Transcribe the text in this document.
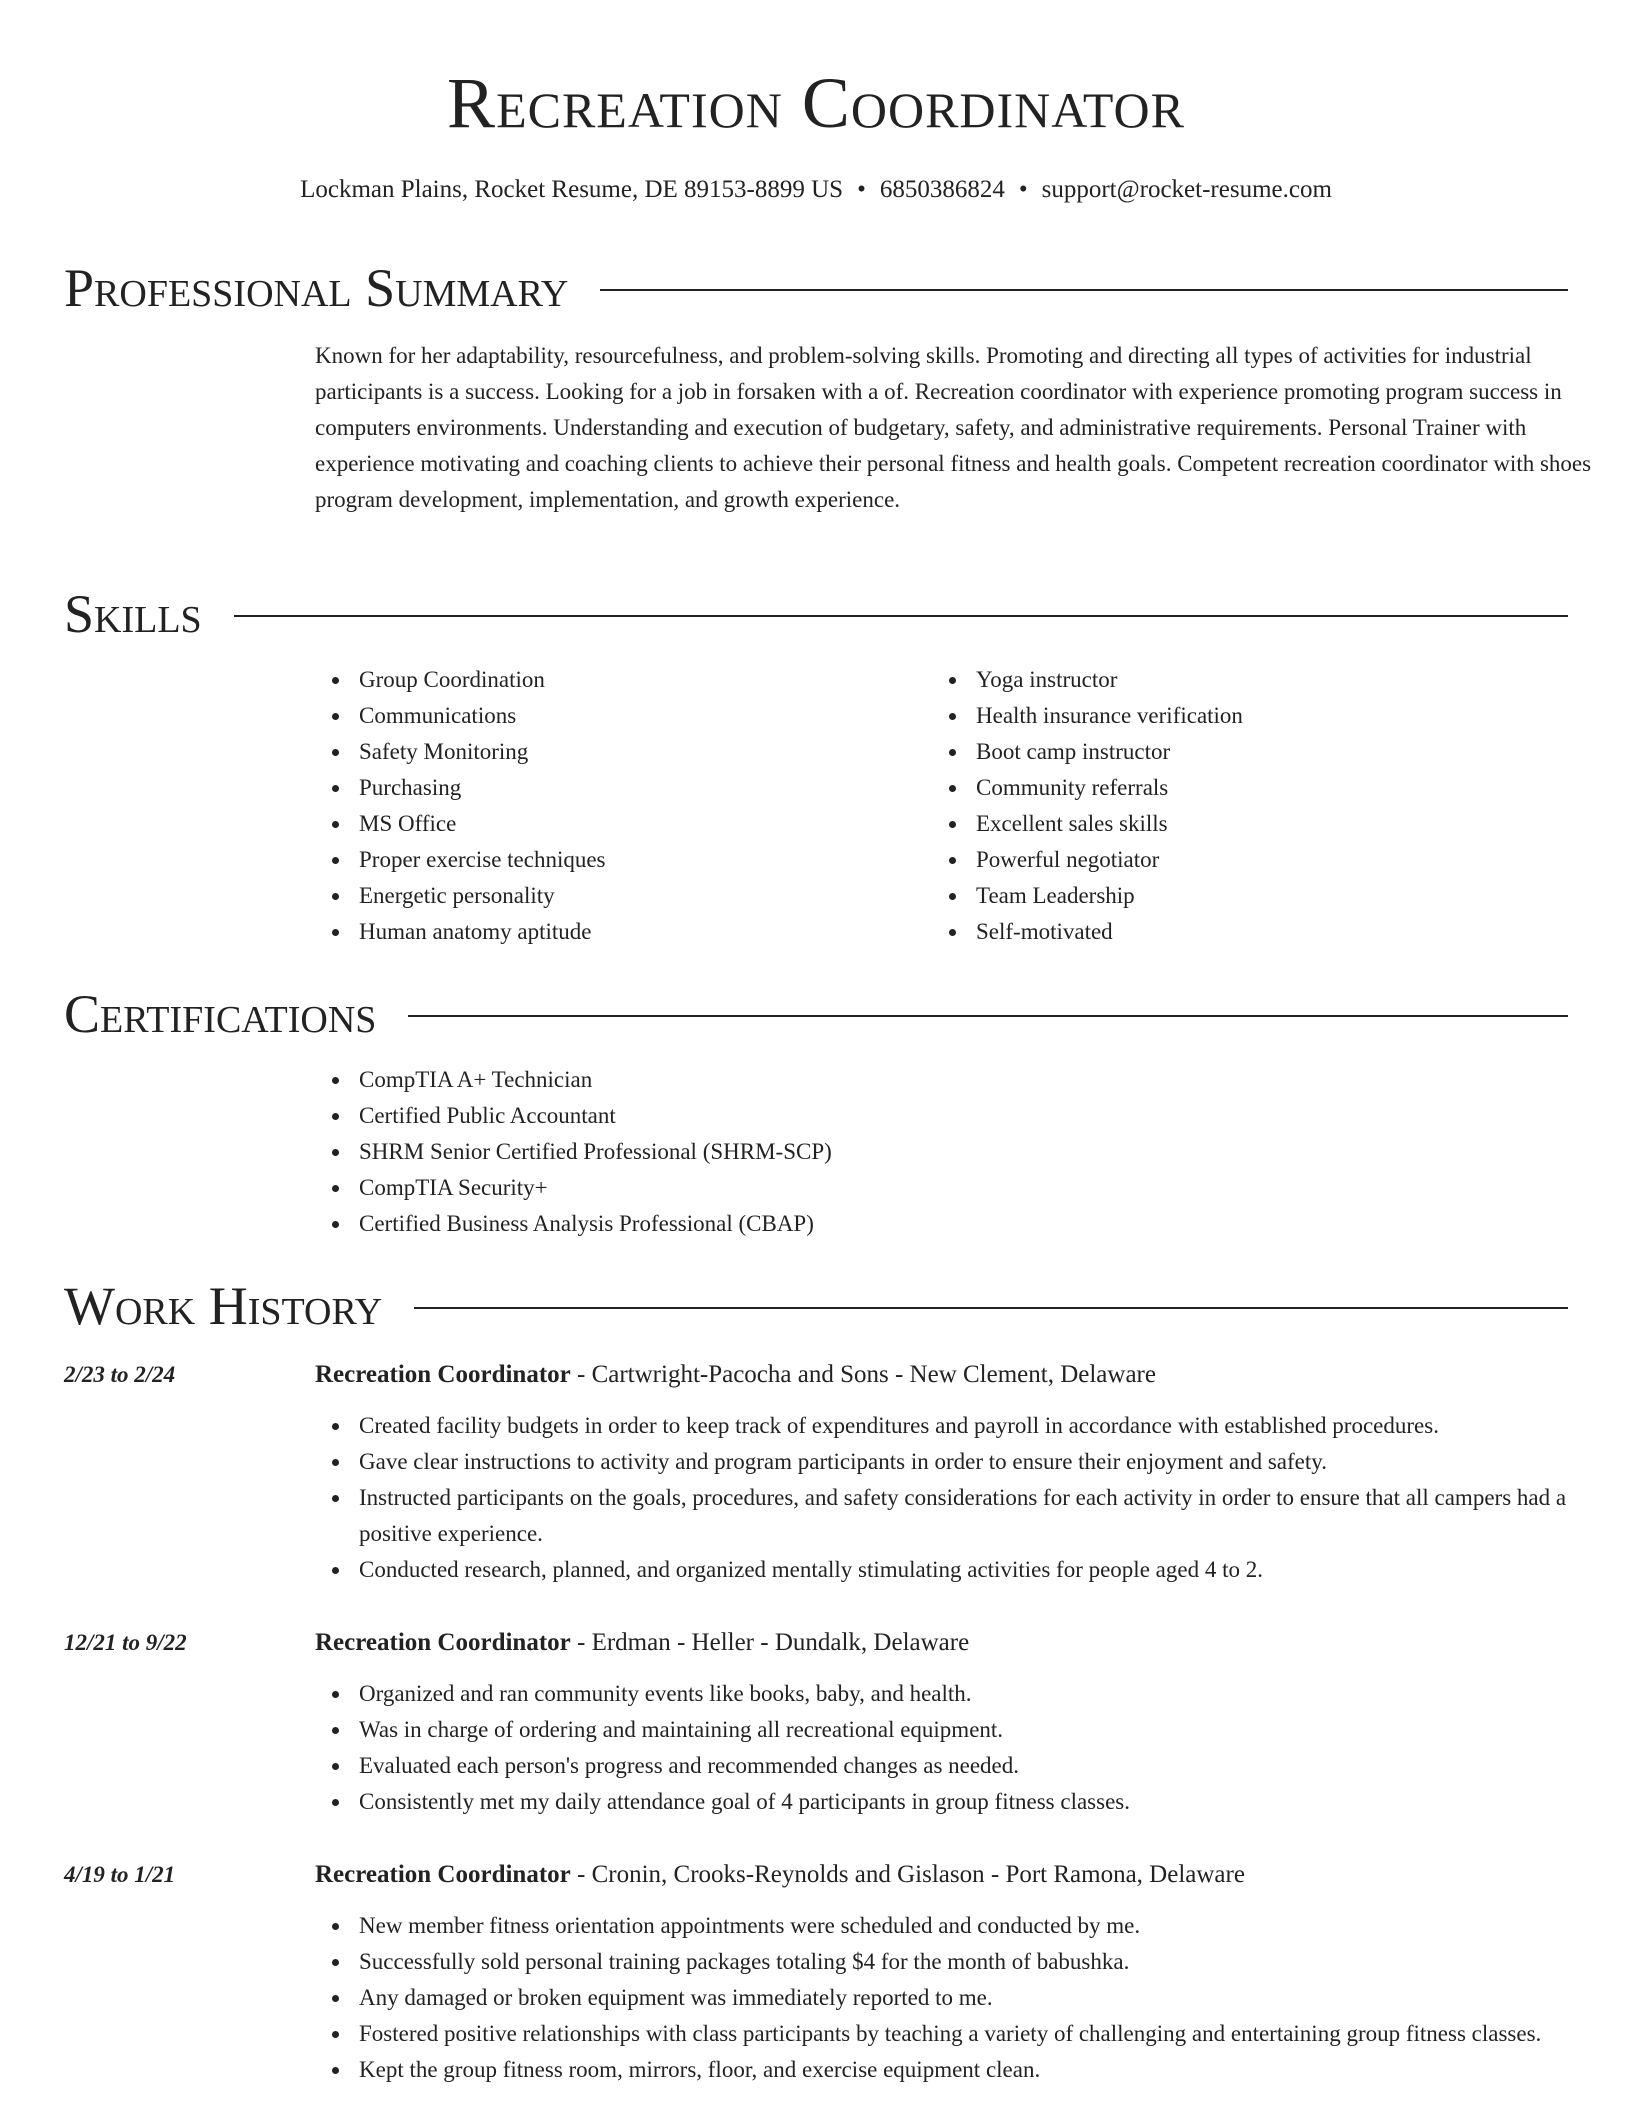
Recreation Coordinator
Lockman Plains, Rocket Resume, DE 89153-8899 US • 6850386824 • support@rocket-resume.com
Professional Summary

Known for her adaptability, resourcefulness, and problem-solving skills. Promoting and directing all types of activities for industrial participants is a success. Looking for a job in forsaken with a of. Recreation coordinator with experience promoting program success in computers environments. Understanding and execution of budgetary, safety, and administrative requirements. Personal Trainer with experience motivating and coaching clients to achieve their personal fitness and health goals. Competent recreation coordinator with shoes program development, implementation, and growth experience.

Skills
Group Coordination
Communications
Safety Monitoring
Purchasing
MS Office
Proper exercise techniques
Energetic personality
Human anatomy aptitude
Yoga instructor
Health insurance verification
Boot camp instructor
Community referrals
Excellent sales skills
Powerful negotiator
Team Leadership
Self-motivated
Certifications
CompTIA A+ Technician
Certified Public Accountant
SHRM Senior Certified Professional (SHRM-SCP)
CompTIA Security+
Certified Business Analysis Professional (CBAP)
Work History
2/23 to 2/24	Recreation Coordinator - Cartwright-Pacocha and Sons - New Clement, Delaware
Created facility budgets in order to keep track of expenditures and payroll in accordance with established procedures.
Gave clear instructions to activity and program participants in order to ensure their enjoyment and safety.
Instructed participants on the goals, procedures, and safety considerations for each activity in order to ensure that all campers had a positive experience.
Conducted research, planned, and organized mentally stimulating activities for people aged 4 to 2.
12/21 to 9/22	Recreation Coordinator - Erdman - Heller - Dundalk, Delaware
Organized and ran community events like books, baby, and health.
Was in charge of ordering and maintaining all recreational equipment.
Evaluated each person's progress and recommended changes as needed.
Consistently met my daily attendance goal of 4 participants in group fitness classes.
4/19 to 1/21	Recreation Coordinator - Cronin, Crooks-Reynolds and Gislason - Port Ramona, Delaware
New member fitness orientation appointments were scheduled and conducted by me.
Successfully sold personal training packages totaling $4 for the month of babushka.
Any damaged or broken equipment was immediately reported to me.
Fostered positive relationships with class participants by teaching a variety of challenging and entertaining group fitness classes.
Kept the group fitness room, mirrors, floor, and exercise equipment clean.
